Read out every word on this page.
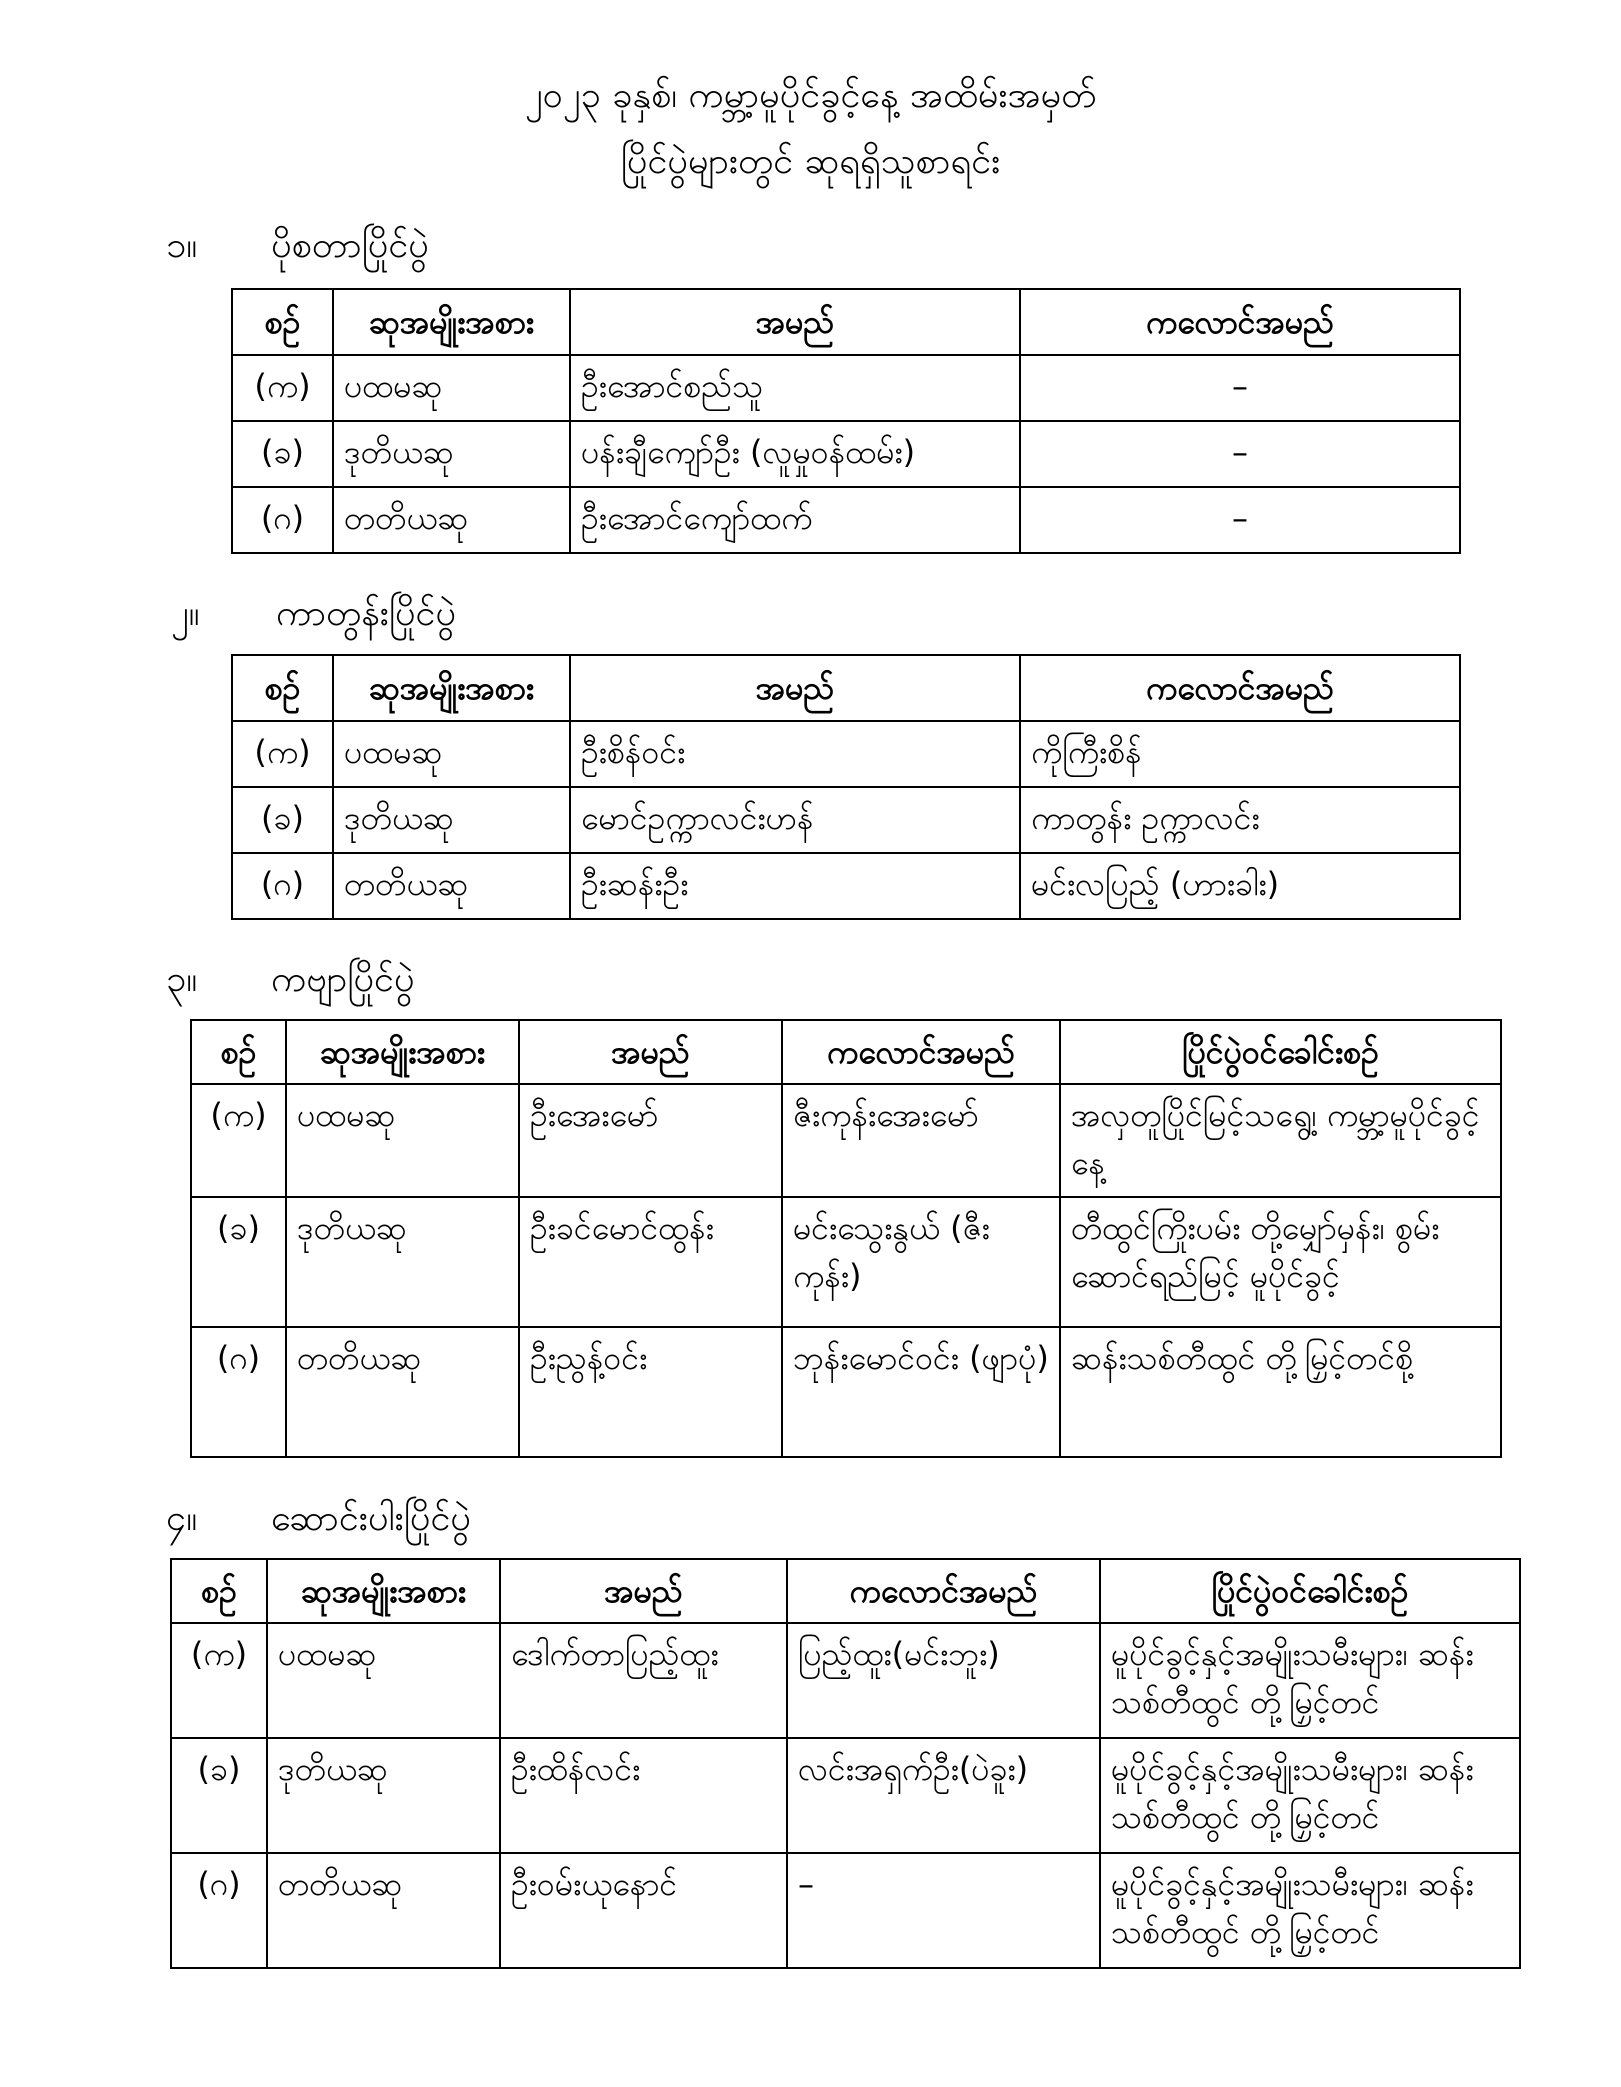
၂၀၂၃ ခုနှစ်၊ ကမ္ဘာ့မူပိုင်ခွင့်နေ့ အထိမ်းအမှတ်
ပြိုင်ပွဲများတွင် ဆုရရှိသူစာရင်း
၁။ ပိုစတာပြိုင်ပွဲ
စဉ်	ဆုအမျိုးအစား	အမည်	ကလောင်အမည်
(က)	ပထမဆု	ဦးအောင်စည်သူ	–
(ခ)	ဒုတိယဆု	ပန်းချီကျော်ဦး (လူမှုဝန်ထမ်း)	–
(ဂ)	တတိယဆု	ဦးအောင်ကျော်ထက်	–
၂။ ကာတွန်းပြိုင်ပွဲ
စဉ်	ဆုအမျိုးအစား	အမည်	ကလောင်အမည်
(က)	ပထမဆု	ဦးစိန်ဝင်း	ကိုကြီးစိန်
(ခ)	ဒုတိယဆု	မောင်ဥက္ကာလင်းဟန်	ကာတွန်း ဥက္ကာလင်း
(ဂ)	တတိယဆု	ဦးဆန်းဦး	မင်းလပြည့် (ဟားခါး)
၃။ ကဗျာပြိုင်ပွဲ
စဉ်	ဆုအမျိုးအစား	အမည်	ကလောင်အမည်	ပြိုင်ပွဲဝင်ခေါင်းစဉ်
(က)	ပထမဆု	ဦးအေးမော်	ဇီးကုန်းအေးမော်	အလှတူပြိုင်မြင့်သရွေ့၊ ကမ္ဘာ့မူပိုင်ခွင့်နေ့
(ခ)	ဒုတိယဆု	ဦးခင်မောင်ထွန်း	မင်းသွေးနွယ် (ဇီးကုန်း)	တီထွင်ကြိုးပမ်း တို့မျှော်မှန်း၊ စွမ်းဆောင်ရည်မြင့် မူပိုင်ခွင့်
(ဂ)	တတိယဆု	ဦးညွန့်ဝင်း	ဘုန်းမောင်ဝင်း (ဖျာပုံ)	ဆန်းသစ်တီထွင် တို့မြှင့်တင်စို့
၄။ ဆောင်းပါးပြိုင်ပွဲ
စဉ်	ဆုအမျိုးအစား	အမည်	ကလောင်အမည်	ပြိုင်ပွဲဝင်ခေါင်းစဉ်
(က)	ပထမဆု	ဒေါက်တာပြည့်ထူး	ပြည့်ထူး(မင်းဘူး)	မူပိုင်ခွင့်နှင့်အမျိုးသမီးများ၊ ဆန်းသစ်တီထွင် တို့မြှင့်တင်
(ခ)	ဒုတိယဆု	ဦးထိန်လင်း	လင်းအရှက်ဦး(ပဲခူး)	မူပိုင်ခွင့်နှင့်အမျိုးသမီးများ၊ ဆန်းသစ်တီထွင် တို့မြှင့်တင်
(ဂ)	တတိယဆု	ဦးဝမ်းယုနောင်	–	မူပိုင်ခွင့်နှင့်အမျိုးသမီးများ၊ ဆန်းသစ်တီထွင် တို့မြှင့်တင်
